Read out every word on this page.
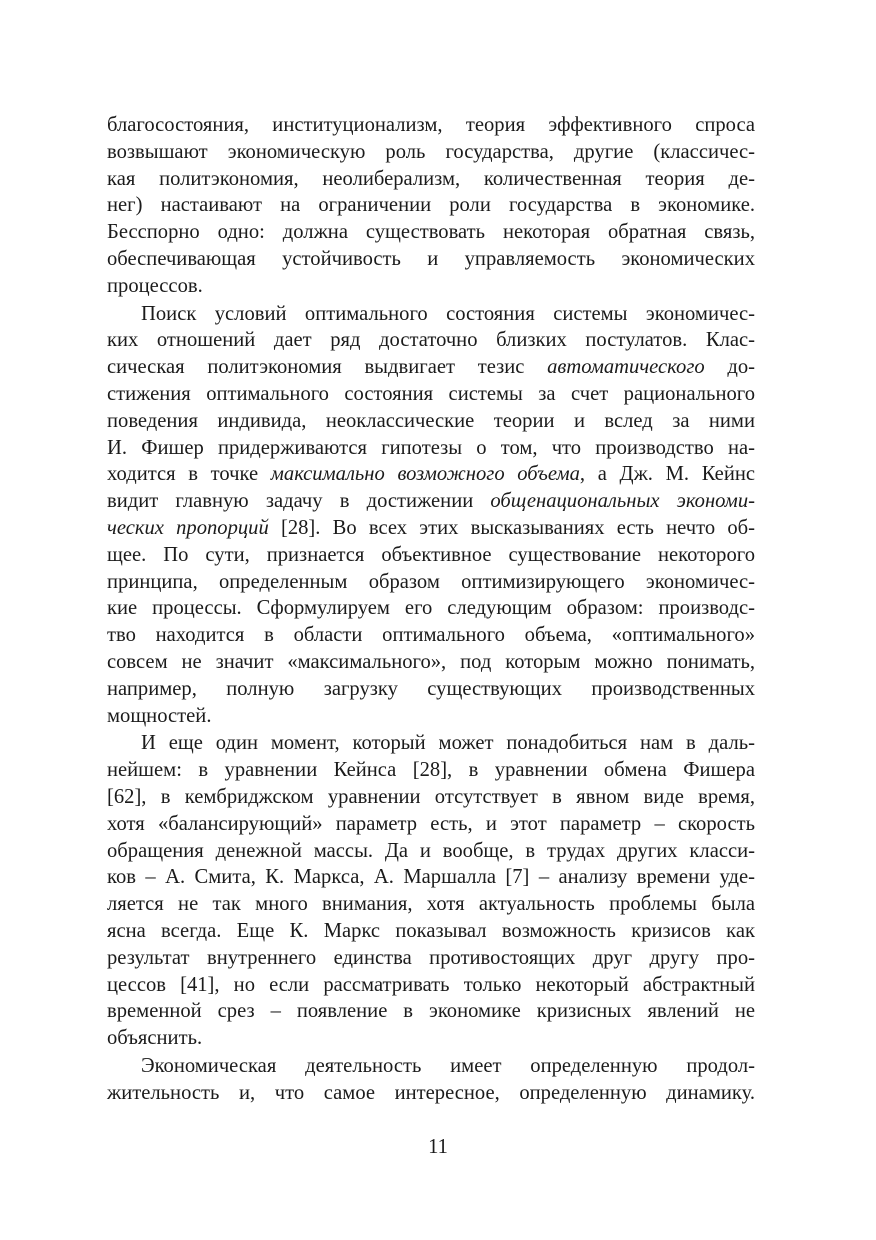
благосостояния, институционализм, теория эффективного спроса
возвышают экономическую роль государства, другие (классичес-
кая политэкономия, неолиберализм, количественная теория де-
нег) настаивают на ограничении роли государства в экономике.
Бесспорно одно: должна существовать некоторая обратная связь,
обеспечивающая устойчивость и управляемость экономических
процессов.
Поиск условий оптимального состояния системы экономичес-
ких отношений дает ряд достаточно близких постулатов. Клас-
сическая политэкономия выдвигает тезис автоматического до-
стижения оптимального состояния системы за счет рационального
поведения индивида, неоклассические теории и вслед за ними
И. Фишер придерживаются гипотезы о том, что производство на-
ходится в точке максимально возможного объема, а Дж. М. Кейнс
видит главную задачу в достижении общенациональных экономи-
ческих пропорций [28]. Во всех этих высказываниях есть нечто об-
щее. По сути, признается объективное существование некоторого
принципа, определенным образом оптимизирующего экономичес-
кие процессы. Сформулируем его следующим образом: производс-
тво находится в области оптимального объема, «оптимального»
совсем не значит «максимального», под которым можно понимать,
например, полную загрузку существующих производственных
мощностей.
И еще один момент, который может понадобиться нам в даль-
нейшем: в уравнении Кейнса [28], в уравнении обмена Фишера
[62], в кембриджском уравнении отсутствует в явном виде время,
хотя «балансирующий» параметр есть, и этот параметр – скорость
обращения денежной массы. Да и вообще, в трудах других класси-
ков – А. Смита, К. Маркса, А. Маршалла [7] – анализу времени уде-
ляется не так много внимания, хотя актуальность проблемы была
ясна всегда. Еще К. Маркс показывал возможность кризисов как
результат внутреннего единства противостоящих друг другу про-
цессов [41], но если рассматривать только некоторый абстрактный
временной срез – появление в экономике кризисных явлений не
объяснить.
Экономическая деятельность имеет определенную продол-
жительность и, что самое интересное, определенную динамику.
11
